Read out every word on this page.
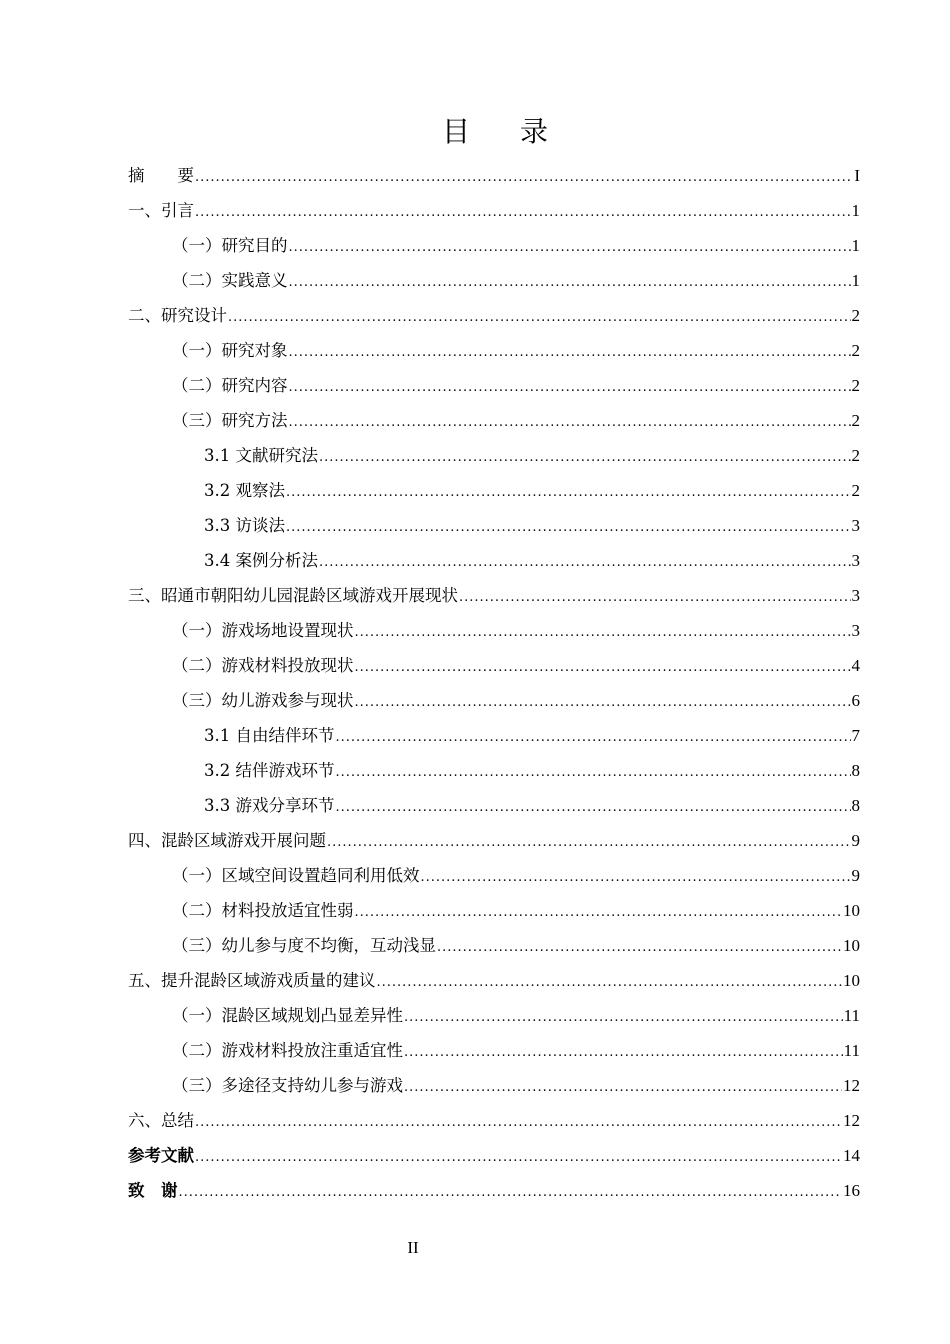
目录
摘　　要 .....	I
一、引言 .....	1
（一）研究目的 .....	1
（二）实践意义 .....	1
二、研究设计 .....	2
（一）研究对象 .....	2
（二）研究内容 .....	2
（三）研究方法 .....	2
3.1 文献研究法 .....	2
3.2 观察法 .....	2
3.3 访谈法 .....	3
3.4 案例分析法 .....	3
三、昭通市朝阳幼儿园混龄区域游戏开展现状 .....	3
（一）游戏场地设置现状 .....	3
（二）游戏材料投放现状 .....	4
（三）幼儿游戏参与现状 .....	6
3.1 自由结伴环节 .....	7
3.2 结伴游戏环节 .....	8
3.3 游戏分享环节 .....	8
四、混龄区域游戏开展问题 .....	9
（一）区域空间设置趋同利用低效 .....	9
（二）材料投放适宜性弱 .....	10
（三）幼儿参与度不均衡，互动浅显 .....	10
五、提升混龄区域游戏质量的建议 .....	10
（一）混龄区域规划凸显差异性 .....	11
（二）游戏材料投放注重适宜性 .....	11
（三）多途径支持幼儿参与游戏 .....	12
六、总结 .....	12
参考文献 .....	14
致　谢 .....	16
II
